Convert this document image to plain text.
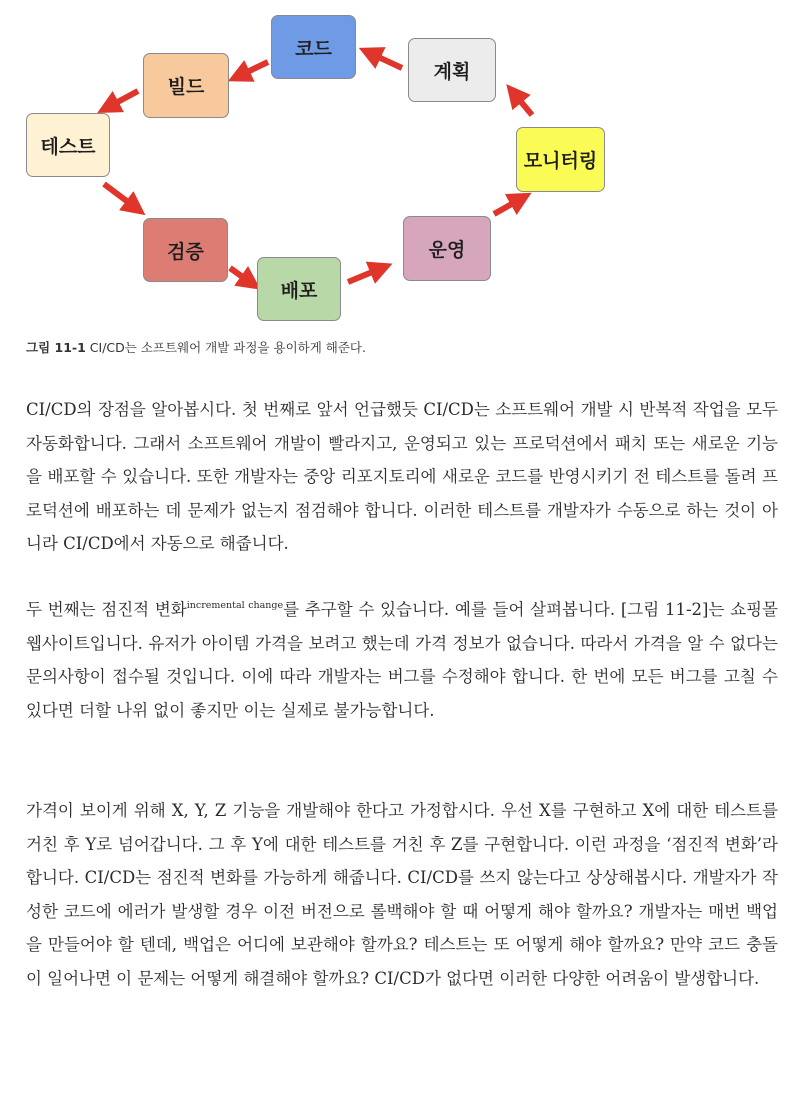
코드
계획
빌드
테스트
모니터링
검증	운영
배포
그림 11-1 CI/CD는 소프트웨어 개발 과정을 용이하게 해준다.

CI/CD의 장점을 알아봅시다. 첫 번째로 앞서 언급했듯 CI/CD는 소프트웨어 개발 시 반복적 작업을 모두 자동화합니다. 그래서 소프트웨어 개발이 빨라지고, 운영되고 있는 프로덕션에서 패치 또는 새로운 기능을 배포할 수 있습니다. 또한 개발자는 중앙 리포지토리에 새로운 코드를 반영시키기 전 테스트를 돌려 프로덕션에 배포하는 데 문제가 없는지 점검해야 합니다. 이러한 테스트를 개발자가 수동으로 하는 것이 아니라 CI/CD에서 자동으로 해줍니다.

두 번째는 점진적 변화$^{incremental change}$를 추구할 수 있습니다. 예를 들어 살펴봅니다. [그림 11-2]는 쇼핑몰 웹사이트입니다. 유저가 아이템 가격을 보려고 했는데 가격 정보가 없습니다. 따라서 가격을 알 수 없다는 문의사항이 접수될 것입니다. 이에 따라 개발자는 버그를 수정해야 합니다. 한 번에 모든 버그를 고칠 수 있다면 더할 나위 없이 좋지만 이는 실제로 불가능합니다.

가격이 보이게 위해 X, Y, Z 기능을 개발해야 한다고 가정합시다. 우선 X를 구현하고 X에 대한 테스트를 거친 후 Y로 넘어갑니다. 그 후 Y에 대한 테스트를 거친 후 Z를 구현합니다. 이런 과정을 ‘점진적 변화’라 합니다. CI/CD는 점진적 변화를 가능하게 해줍니다. CI/CD를 쓰지 않는다고 상상해봅시다. 개발자가 작성한 코드에 에러가 발생할 경우 이전 버전으로 롤백해야 할 때 어떻게 해야 할까요? 개발자는 매번 백업을 만들어야 할 텐데, 백업은 어디에 보관해야 할까요? 테스트는 또 어떻게 해야 할까요? 만약 코드 충돌이 일어나면 이 문제는 어떻게 해결해야 할까요? CI/CD가 없다면 이러한 다양한 어려움이 발생합니다.
